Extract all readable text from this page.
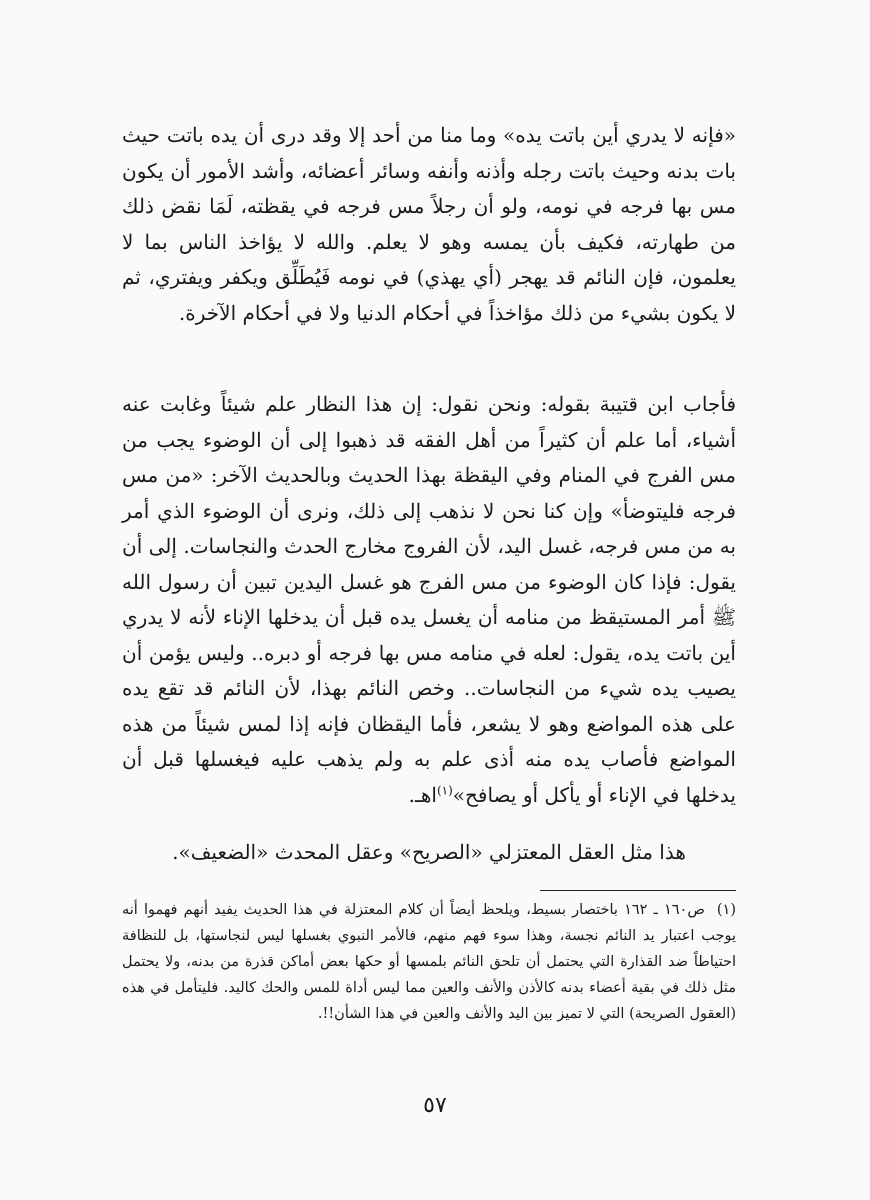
«فإنه لا يدري أين باتت يده» وما منا من أحد إلا وقد درى أن يده باتت حيث بات بدنه وحيث باتت رجله وأذنه وأنفه وسائر أعضائه، وأشد الأمور أن يكون مس بها فرجه في نومه، ولو أن رجلاً مس فرجه في يقظته، لَمَا نقض ذلك من طهارته، فكيف بأن يمسه وهو لا يعلم. والله لا يؤاخذ الناس بما لا يعلمون، فإن النائم قد يهجر (أي يهذي) في نومه فَيُطَلِّق ويكفر ويفتري، ثم لا يكون بشيء من ذلك مؤاخذاً في أحكام الدنيا ولا في أحكام الآخرة.

فأجاب ابن قتيبة بقوله: ونحن نقول: إن هذا النظار علم شيئاً وغابت عنه أشياء، أما علم أن كثيراً من أهل الفقه قد ذهبوا إلى أن الوضوء يجب من مس الفرج في المنام وفي اليقظة بهذا الحديث وبالحديث الآخر: «من مس فرجه فليتوضأ» وإن كنا نحن لا نذهب إلى ذلك، ونرى أن الوضوء الذي أمر به من مس فرجه، غسل اليد، لأن الفروج مخارج الحدث والنجاسات. إلى أن يقول: فإذا كان الوضوء من مس الفرج هو غسل اليدين تبين أن رسول الله ﷺ أمر المستيقظ من منامه أن يغسل يده قبل أن يدخلها الإناء لأنه لا يدري أين باتت يده، يقول: لعله في منامه مس بها فرجه أو دبره.. وليس يؤمن أن يصيب يده شيء من النجاسات.. وخص النائم بهذا، لأن النائم قد تقع يده على هذه المواضع وهو لا يشعر، فأما اليقظان فإنه إذا لمس شيئاً من هذه المواضع فأصاب يده منه أذى علم به ولم يذهب عليه فيغسلها قبل أن يدخلها في الإناء أو يأكل أو يصافح»$^{(١)}$اهـ.

هذا مثل العقل المعتزلي «الصريح» وعقل المحدث «الضعيف».
(١)ص١٦٠ ـ ١٦٢ باختصار بسيط، ويلحظ أيضاً أن كلام المعتزلة في هذا الحديث يفيد أنهم فهموا أنه يوجب اعتبار يد النائم نجسة، وهذا سوء فهم منهم، فالأمر النبوي بغسلها ليس لنجاستها، بل للنظافة احتياطاً ضد القذارة التي يحتمل أن تلحق النائم بلمسها أو حكها بعض أماكن قذرة من بدنه، ولا يحتمل مثل ذلك في بقية أعضاء بدنه كالأذن والأنف والعين مما ليس أداة للمس والحك كاليد. فليتأمل في هذه (العقول الصريحة) التي لا تميز بين اليد والأنف والعين في هذا الشأن!!.
٥٧
